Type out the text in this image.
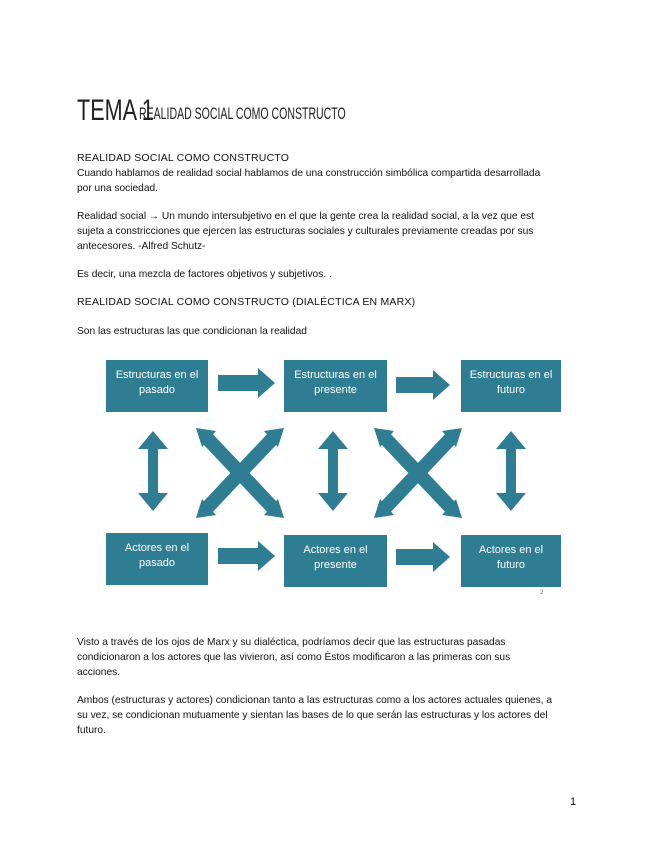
TEMA 1
REALIDAD SOCIAL COMO CONSTRUCTO
REALIDAD SOCIAL COMO CONSTRUCTO
Cuando hablamos de realidad social hablamos de una construcción simbólica compartida desarrollada
por una sociedad.
Realidad social → Un mundo intersubjetivo en el que la gente crea la realidad social, a la vez que est
sujeta a constricciones que ejercen las estructuras sociales y culturales previamente creadas por sus
antecesores. -Alfred Schutz-
Es decir, una mezcla de factores objetivos y subjetivos. .
REALIDAD SOCIAL COMO CONSTRUCTO (DIALÉCTICA EN MARX)
Son las estructuras las que condicionan la realidad
Estructuras en el
pasado
Estructuras en el
presente
Estructuras en el
futuro
Actores en el
pasado
Actores en el
presente
Actores en el
futuro
2
Visto a través de los ojos de Marx y su dialéctica, podríamos decir que las estructuras pasadas
condicionaron a los actores que las vivieron, así como Èstos modificaron a las primeras con sus
acciones.
Ambos (estructuras y actores) condicionan tanto a las estructuras como a los actores actuales quienes, a
su vez, se condicionan mutuamente y sientan las bases de lo que serán las estructuras y los actores del
futuro.
1
